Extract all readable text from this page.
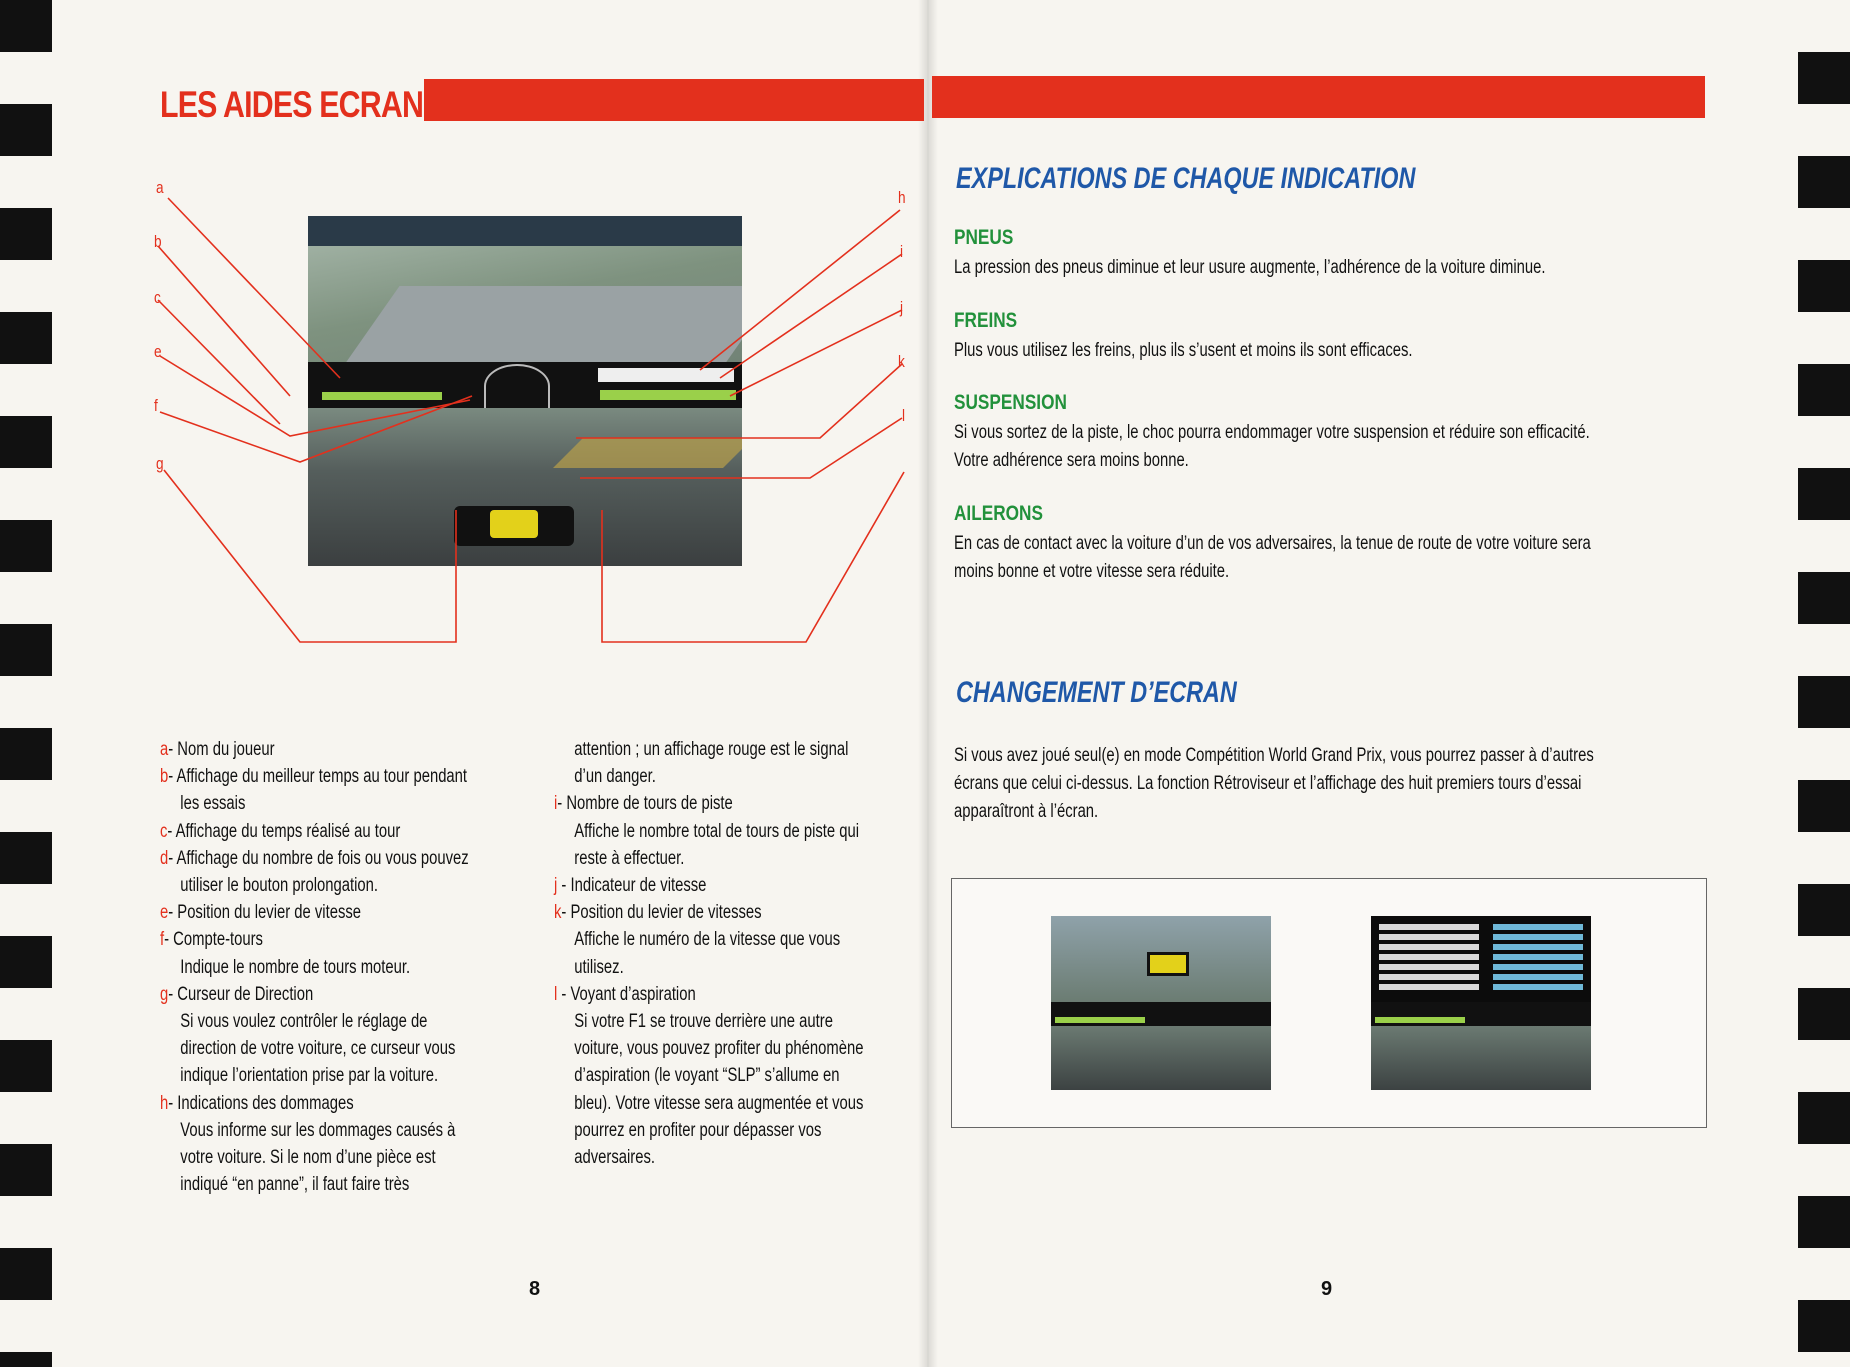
LES AIDES ECRAN
a
b
c
e
f
g
h
i
j
k
l
a- Nom du joueur
b- Affichage du meilleur temps au tour pendant
les essais
c- Affichage du temps réalisé au tour
d- Affichage du nombre de fois ou vous pouvez
utiliser le bouton prolongation.
e- Position du levier de vitesse
f- Compte-tours
Indique le nombre de tours moteur.
g- Curseur de Direction
Si vous voulez contrôler le réglage de
direction de votre voiture, ce curseur vous
indique l’orientation prise par la voiture.
h- Indications des dommages
Vous informe sur les dommages causés à
votre voiture. Si le nom d’une pièce est
indiqué “en panne”, il faut faire très
attention ; un affichage rouge est le signal
d’un danger.
i- Nombre de tours de piste
Affiche le nombre total de tours de piste qui
reste à effectuer.
j - Indicateur de vitesse
k- Position du levier de vitesses
Affiche le numéro de la vitesse que vous
utilisez.
l - Voyant d’aspiration
Si votre F1 se trouve derrière une autre
voiture, vous pouvez profiter du phénomène
d’aspiration (le voyant “SLP” s’allume en
bleu). Votre vitesse sera augmentée et vous
pourrez en profiter pour dépasser vos
adversaires.
8
EXPLICATIONS DE CHAQUE INDICATION
PNEUS
La pression des pneus diminue et leur usure augmente, l’adhérence de la voiture diminue.
FREINS
Plus vous utilisez les freins, plus ils s’usent et moins ils sont efficaces.
SUSPENSION
Si vous sortez de la piste, le choc pourra endommager votre suspension et réduire son efficacité.
Votre adhérence sera moins bonne.
AILERONS
En cas de contact avec la voiture d’un de vos adversaires, la tenue de route de votre voiture sera
moins bonne et votre vitesse sera réduite.
CHANGEMENT D’ECRAN
Si vous avez joué seul(e) en mode Compétition World Grand Prix, vous pourrez passer à d’autres
écrans que celui ci-dessus. La fonction Rétroviseur et l’affichage des huit premiers tours d’essai
apparaîtront à l’écran.
9
